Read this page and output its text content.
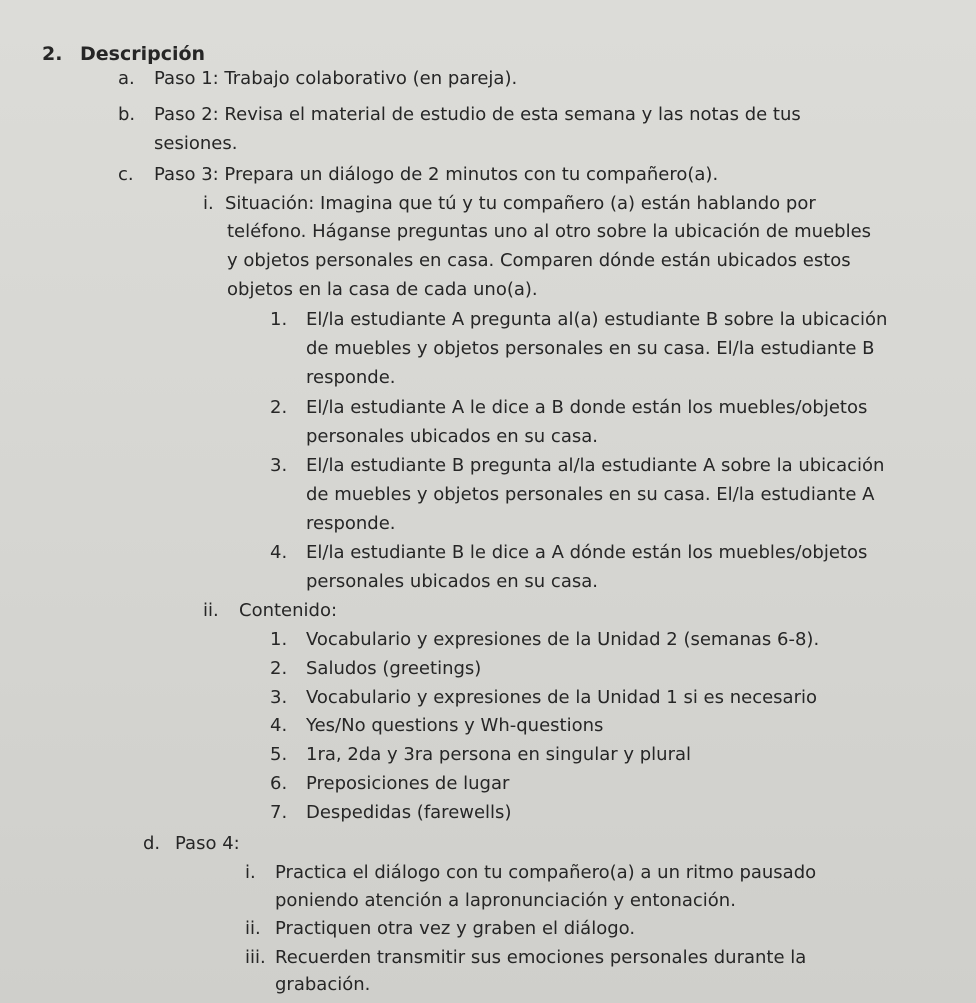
2. Descripción
a. Paso 1: Trabajo colaborativo (en pareja).
b. Paso 2: Revisa el material de estudio de esta semana y las notas de tus
sesiones.
c. Paso 3: Prepara un diálogo de 2 minutos con tu compañero(a).
i. Situación: Imagina que tú y tu compañero (a) están hablando por
teléfono. Háganse preguntas uno al otro sobre la ubicación de muebles
y objetos personales en casa. Comparen dónde están ubicados estos
objetos en la casa de cada uno(a).
1. El/la estudiante A pregunta al(a) estudiante B sobre la ubicación
de muebles y objetos personales en su casa. El/la estudiante B
responde.
2. El/la estudiante A le dice a B donde están los muebles/objetos
personales ubicados en su casa.
3. El/la estudiante B pregunta al/la estudiante A sobre la ubicación
de muebles y objetos personales en su casa. El/la estudiante A
responde.
4. El/la estudiante B le dice a A dónde están los muebles/objetos
personales ubicados en su casa.
ii. Contenido:
1. Vocabulario y expresiones de la Unidad 2 (semanas 6-8).
2. Saludos (greetings)
3. Vocabulario y expresiones de la Unidad 1 si es necesario
4. Yes/No questions y Wh-questions
5. 1ra, 2da y 3ra persona en singular y plural
6. Preposiciones de lugar
7. Despedidas (farewells)
d. Paso 4:
i. Practica el diálogo con tu compañero(a) a un ritmo pausado
poniendo atención a lapronunciación y entonación.
ii. Practiquen otra vez y graben el diálogo.
iii. Recuerden transmitir sus emociones personales durante la
grabación.
